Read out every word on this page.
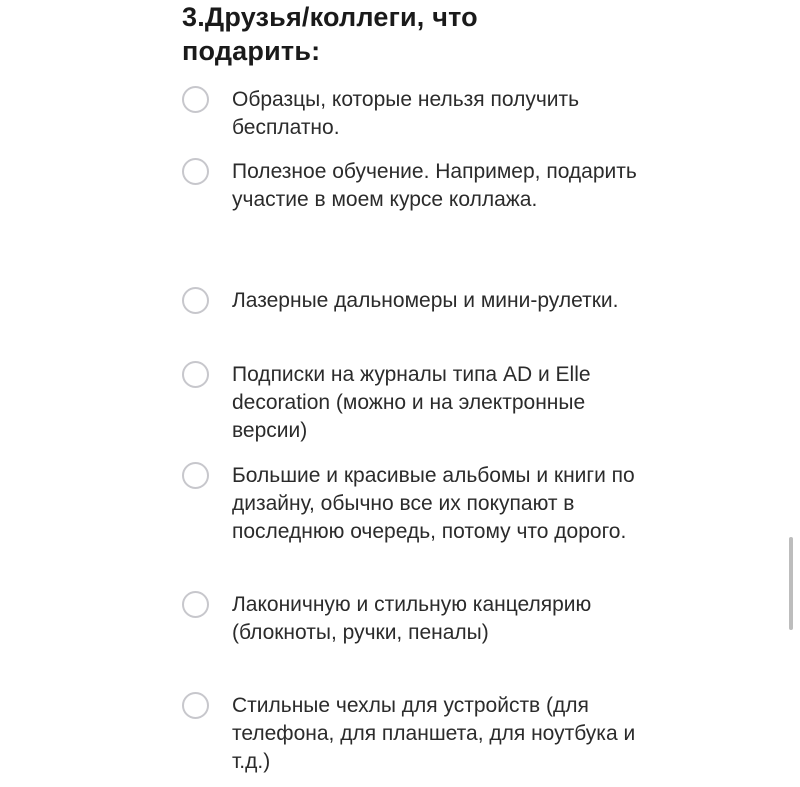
3.Друзья/коллеги, что подарить:
Образцы, которые нельзя получить бесплатно.
Полезное обучение. Например, подарить участие в моем курсе коллажа.
Лазерные дальномеры и мини-рулетки.
Подписки на журналы типа AD и Elle decoration (можно и на электронные версии)
Большие и красивые альбомы и книги по дизайну, обычно все их покупают в последнюю очередь, потому что дорого.
Лаконичную и стильную канцелярию (блокноты, ручки, пеналы)
Стильные чехлы для устройств (для телефона, для планшета, для ноутбука и т.д.)
